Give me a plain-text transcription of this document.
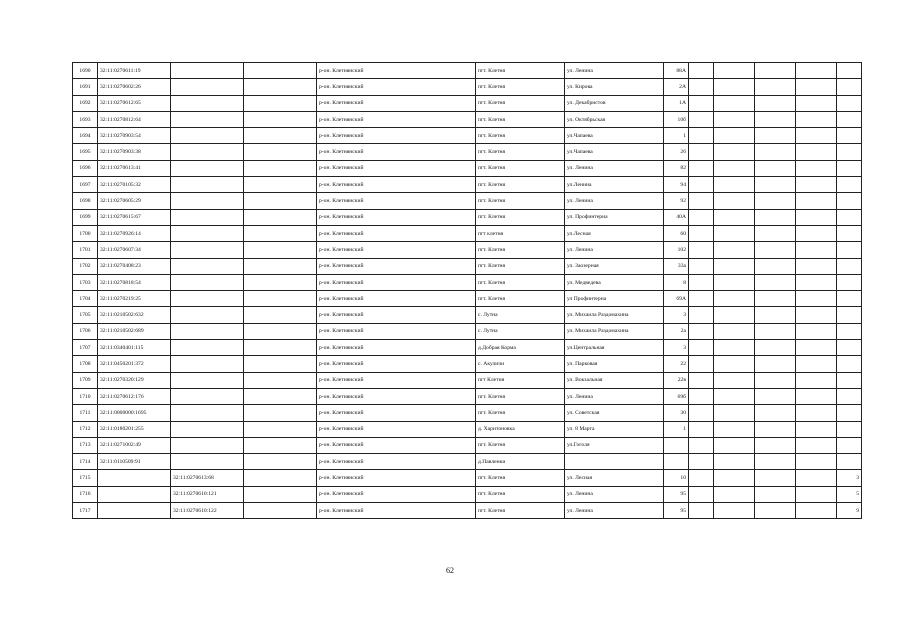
1690	32:11:0270611:19			р-он. Клетнянский	пгт. Клетня	ул. Ленина	88А					
1691	32:11:0270602:26			р-он. Клетнянский	пгт. Клетня	ул. Кирова	2А					
1692	32:11:0270612:65			р-он. Клетнянский	пгт. Клетня	ул. Декабристов	1А					
1693	32:11:0270812:64			р-он. Клетнянский	пгт. Клетня	ул. Октябрьская	10б					
1694	32:11:0270903:54			р-он. Клетнянский	пгт. Клетня	ул.Чапаева	1					
1695	32:11:0270903:38			р-он. Клетнянский	пгт. Клетня	ул.Чапаева	26					
1696	32:11:0270613:41			р-он. Клетнянский	пгт. Клетня	ул. Ленина	82					
1697	32:11:0270105:32			р-он. Клетнянский	пгт. Клетня	ул.Ленина	94					
1698	32:11:0270605:29			р-он. Клетнянский	пгт. Клетня	ул. Ленина	92					
1699	32:11:0270615:67			р-он. Клетнянский	пгт. Клетня	ул. Профинтерна	40А					
1700	32:11:0270926:14			р-он. Клетнянский	пгт клетня	ул.Лесная	60					
1701	32:11:0270607:34			р-он. Клетнянский	пгт. Клетня	ул. Ленина	102					
1702	32:11:0270408:23			р-он. Клетнянский	пгт. Клетня	ул. Заозерная	33а					
1703	32:11:0270818:54			р-он. Клетнянский	пгт. Клетня	ул. Медведева	8					
1704	32:11:0270219:25			р-он. Клетнянский	пгт. Клетня	ул Профинтерна	69А					
1705	32:11:0210502:632			р-он. Клетнянский	с. Лутна	ул. Михаила Раздомахина	3					
1706	32:11:0210502:689			р-он. Клетнянский	с. Лутна	ул. Михаила Раздомахина	2а					
1707	32:11:0340401:115			р-он. Клетнянский	д.Добрая Корма	ул.Центральная	3					
1708	32:11:0450201:372			р-он. Клетнянский	с. Акуличи	ул. Парковая	22					
1709	32:11:0270320:129			р-он. Клетнянский	пгт Клетня	ул. Вокзальная	22в					
1710	32:11:0270612:176			р-он. Клетнянский	пгт. Клетня	ул. Ленина	69б					
1711	32:11:0000000:1695			р-он. Клетнянский	пгт. Клетня	ул. Советская	30					
1712	32:11:0180201:255			р-он. Клетнянский	д. Харитоновка	ул. 8 Марта	1					
1713	32:11:0271002:49			р-он. Клетнянский	пгт. Клетня	ул.Гоголя						
1714	32:11:0110509:91			р-он. Клетнянский	д.Павленки							
1715		32:11:0270613:68		р-он. Клетнянский	пгт. Клетня	ул. Лесная	10					3
1716		32:11:0270610:121		р-он. Клетнянский	пгт. Клетня	ул. Ленина	95					5
1717		32:11:0270610:122		р-он. Клетнянский	пгт. Клетня	ул. Ленина	95					9
62
